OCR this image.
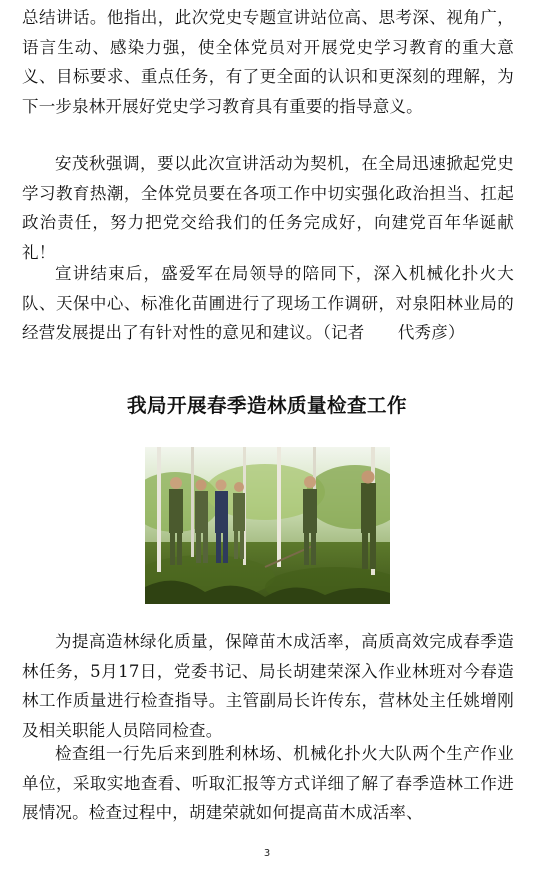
总结讲话。他指出，此次党史专题宣讲站位高、思考深、视角广，语言生动、感染力强，使全体党员对开展党史学习教育的重大意义、目标要求、重点任务，有了更全面的认识和更深刻的理解，为下一步泉林开展好党史学习教育具有重要的指导意义。

安茂秋强调，要以此次宣讲活动为契机，在全局迅速掀起党史学习教育热潮，全体党员要在各项工作中切实强化政治担当、扛起政治责任，努力把党交给我们的任务完成好，向建党百年华诞献礼！

宣讲结束后，盛爱军在局领导的陪同下，深入机械化扑火大队、天保中心、标准化苗圃进行了现场工作调研，对泉阳林业局的经营发展提出了有针对性的意见和建议。（记者　　代秀彦）

我局开展春季造林质量检查工作

为提高造林绿化质量，保障苗木成活率，高质高效完成春季造林任务，5月17日，党委书记、局长胡建荣深入作业林班对今春造林工作质量进行检查指导。主管副局长许传东，营林处主任姚增刚及相关职能人员陪同检查。

检查组一行先后来到胜利林场、机械化扑火大队两个生产作业单位，采取实地查看、听取汇报等方式详细了解了春季造林工作进展情况。检查过程中，胡建荣就如何提高苗木成活率、

3
